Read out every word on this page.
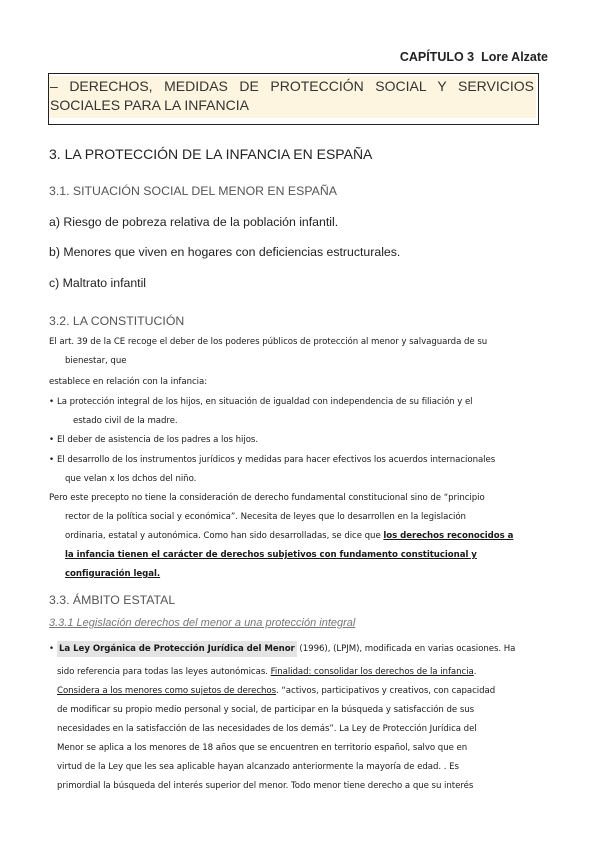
CAPÍTULO 3 Lore Alzate
– DERECHOS, MEDIDAS DE PROTECCIÓN SOCIAL Y SERVICIOS
SOCIALES PARA LA INFANCIA
3. LA PROTECCIÓN DE LA INFANCIA EN ESPAÑA
3.1. SITUACIÓN SOCIAL DEL MENOR EN ESPAÑA
a) Riesgo de pobreza relativa de la población infantil.
b) Menores que viven en hogares con deficiencias estructurales.
c) Maltrato infantil
3.2. LA CONSTITUCIÓN
El art. 39 de la CE recoge el deber de los poderes públicos de protección al menor y salvaguarda de su
bienestar, que
establece en relación con la infancia:
• La protección integral de los hijos, en situación de igualdad con independencia de su filiación y el
estado civil de la madre.
• El deber de asistencia de los padres a los hijos.
• El desarrollo de los instrumentos jurídicos y medidas para hacer efectivos los acuerdos internacionales
que velan x los dchos del niño.
Pero este precepto no tiene la consideración de derecho fundamental constitucional sino de “principio
rector de la política social y económica”. Necesita de leyes que lo desarrollen en la legislación
ordinaria, estatal y autonómica. Como han sido desarrolladas, se dice que los derechos reconocidos a
la infancia tienen el carácter de derechos subjetivos con fundamento constitucional y
configuración legal.
3.3. ÁMBITO ESTATAL
3.3.1 Legislación derechos del menor a una protección integral
• La Ley Orgánica de Protección Jurídica del Menor (1996), (LPJM), modificada en varias ocasiones. Ha
sido referencia para todas las leyes autonómicas. Finalidad: consolidar los derechos de la infancia.
Considera a los menores como sujetos de derechos. “activos, participativos y creativos, con capacidad
de modificar su propio medio personal y social, de participar en la búsqueda y satisfacción de sus
necesidades en la satisfacción de las necesidades de los demás”. La Ley de Protección Jurídica del
Menor se aplica a los menores de 18 años que se encuentren en territorio español, salvo que en
virtud de la Ley que les sea aplicable hayan alcanzado anteriormente la mayoría de edad. . Es
primordial la búsqueda del interés superior del menor. Todo menor tiene derecho a que su interés
